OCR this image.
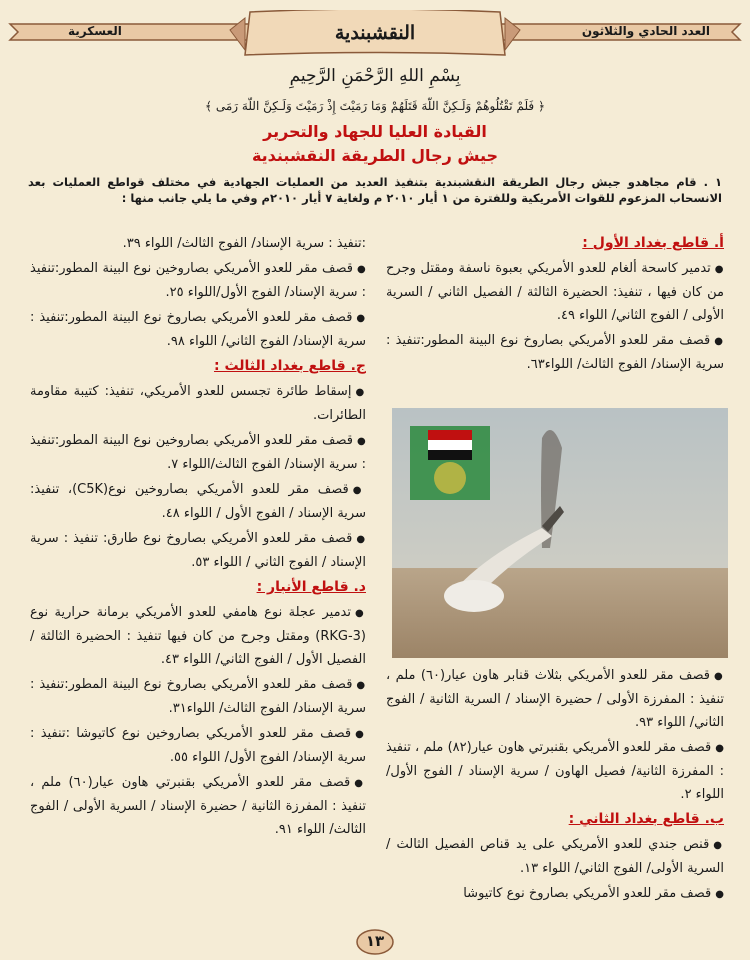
العسكرية	العدد الحادي والثلاثون
النقشبندية
بِسْمِ اللهِ الرَّحْمَنِ الرَّحِيمِ
﴿ فَلَمْ تَقْتُلُوهُمْ وَلَـكِنَّ اللّهَ قَتَلَهُمْ وَمَا رَمَيْتَ إِذْ رَمَيْتَ وَلَـكِنَّ اللّهَ رَمَى ﴾
القيادة العليا للجهاد والتحرير
جيش رجال الطريقة النقشبندية
١ . قام مجاهدو جيش رجال الطريقة النقشبندية بتنفيذ العديد من العمليات الجهادية في مختلف قواطع العمليات بعد الانسحاب المزعوم للقوات الأمريكية وللفترة من ١ أيار ٢٠١٠ م ولغاية ٧ أيار ٢٠١٠م وفي ما يلي جانب منها :
أ. قاطع بغداد الأول :
●تدمير كاسحة ألغام للعدو الأمريكي بعبوة ناسفة ومقتل وجرح من كان فيها ، تنفيذ: الحضيرة الثالثة / الفصيل الثاني / السرية الأولى / الفوج الثاني/ اللواء ٤٩.
●قصف مقر للعدو الأمريكي بصاروخ نوع البينة المطور:تنفيذ : سرية الإسناد/ الفوج الثالث/ اللواء٦٣.
●قصف مقر للعدو الأمريكي بثلاث قنابر هاون عيار(٦٠) ملم ، تنفيذ : المفرزة الأولى / حضيرة الإسناد / السرية الثانية / الفوج الثاني/ اللواء ٩٣.
●قصف مقر للعدو الأمريكي بقنبرتي هاون عيار(٨٢) ملم ، تنفيذ : المفرزة الثانية/ فصيل الهاون / سرية الإسناد / الفوج الأول/ اللواء ٢.
ب. قاطع بغداد الثاني :
●قنص جندي للعدو الأمريكي على يد قناص الفصيل الثالث / السرية الأولى/ الفوج الثاني/ اللواء ١٣.
●قصف مقر للعدو الأمريكي بصاروخ نوع كاتيوشا
:تنفيذ : سرية الإسناد/ الفوج الثالث/ اللواء ٣٩.
●قصف مقر للعدو الأمريكي بصاروخين نوع البينة المطور:تنفيذ : سرية الإسناد/ الفوج الأول/اللواء ٢٥.
●قصف مقر للعدو الأمريكي بصاروخ نوع البينة المطور:تنفيذ : سرية الإسناد/ الفوج الثاني/ اللواء ٩٨.
ج. قاطع بغداد الثالث :
●إسقاط طائرة تجسس للعدو الأمريكي، تنفيذ: كتيبة مقاومة الطائرات.
●قصف مقر للعدو الأمريكي بصاروخين نوع البينة المطور:تنفيذ : سرية الإسناد/ الفوج الثالث/اللواء ٧.
●قصف مقر للعدو الأمريكي بصاروخين نوع(C5K)، تنفيذ: سرية الإسناد / الفوج الأول / اللواء ٤٨.
●قصف مقر للعدو الأمريكي بصاروخ نوع طارق: تنفيذ : سرية الإسناد / الفوج الثاني / اللواء ٥٣.
د. قاطع الأنبار :
●تدمير عجلة نوع هامفي للعدو الأمريكي برمانة حرارية نوع (RKG-3) ومقتل وجرح من كان فيها تنفيذ : الحضيرة الثالثة / الفصيل الأول / الفوج الثاني/ اللواء ٤٣.
●قصف مقر للعدو الأمريكي بصاروخ نوع البينة المطور:تنفيذ : سرية الإسناد/ الفوج الثالث/ اللواء٣١.
●قصف مقر للعدو الأمريكي بصاروخين نوع كاتيوشا :تنفيذ : سرية الإسناد/ الفوج الأول/ اللواء ٥٥.
●قصف مقر للعدو الأمريكي بقنبرتي هاون عيار(٦٠) ملم ، تنفيذ : المفرزة الثانية / حضيرة الإسناد / السرية الأولى / الفوج الثالث/ اللواء ٩١.
١٣
